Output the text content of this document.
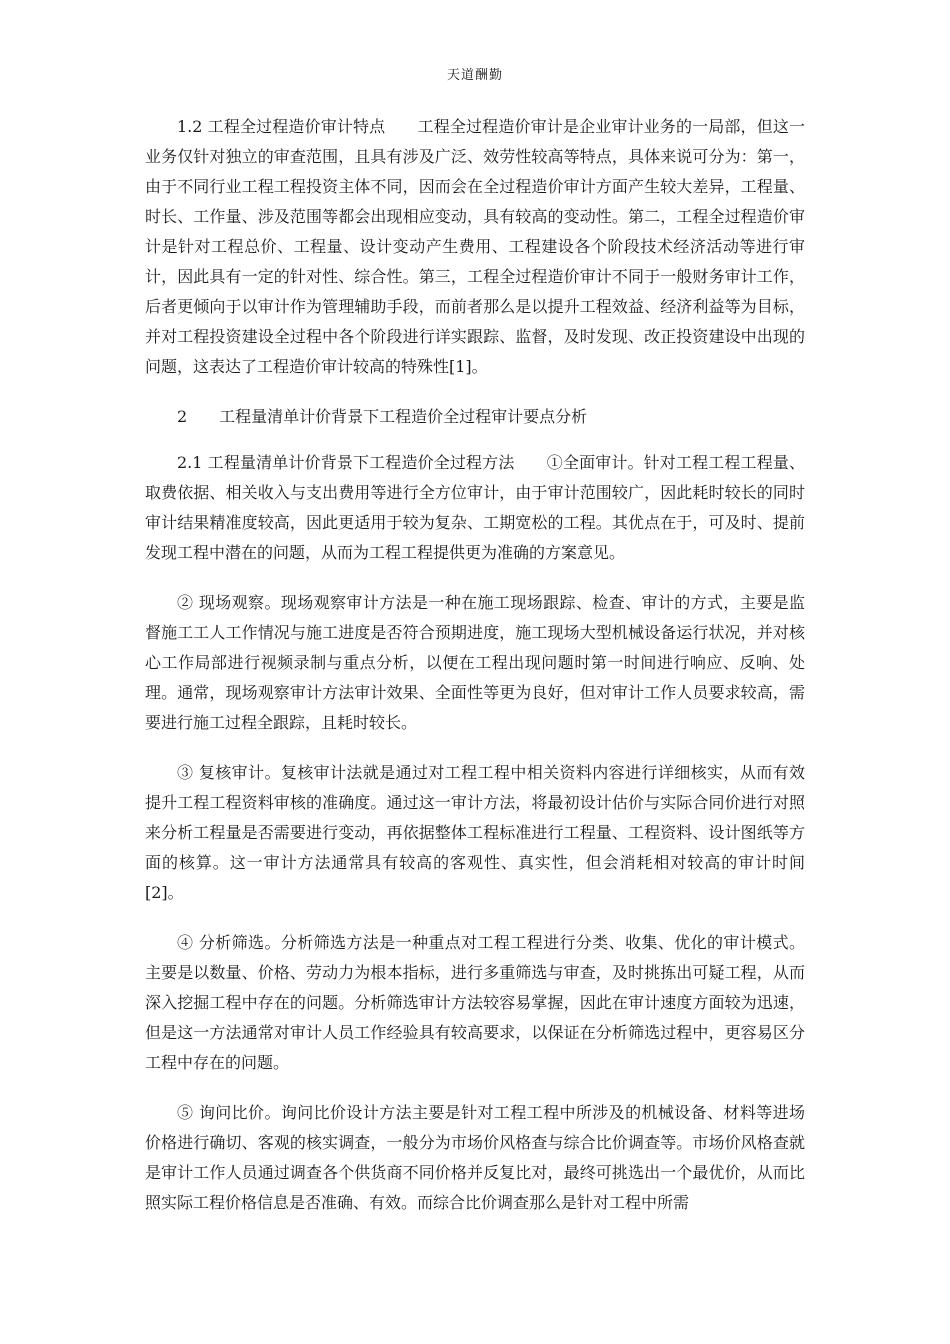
天道酬勤

1.2 工程全过程造价审计特点　　工程全过程造价审计是企业审计业务的一局部，但这一业务仅针对独立的审查范围，且具有涉及广泛、效劳性较高等特点，具体来说可分为：第一，由于不同行业工程工程投资主体不同，因而会在全过程造价审计方面产生较大差异，工程量、时长、工作量、涉及范围等都会出现相应变动，具有较高的变动性。第二，工程全过程造价审计是针对工程总价、工程量、设计变动产生费用、工程建设各个阶段技术经济活动等进行审计，因此具有一定的针对性、综合性。第三，工程全过程造价审计不同于一般财务审计工作，后者更倾向于以审计作为管理辅助手段，而前者那么是以提升工程效益、经济利益等为目标，并对工程投资建设全过程中各个阶段进行详实跟踪、监督，及时发现、改正投资建设中出现的问题，这表达了工程造价审计较高的特殊性[1]。

2　　工程量清单计价背景下工程造价全过程审计要点分析

2.1 工程量清单计价背景下工程造价全过程方法　　①全面审计。针对工程工程工程量、取费依据、相关收入与支出费用等进行全方位审计，由于审计范围较广，因此耗时较长的同时审计结果精准度较高，因此更适用于较为复杂、工期宽松的工程。其优点在于，可及时、提前发现工程中潜在的问题，从而为工程工程提供更为准确的方案意见。

② 现场观察。现场观察审计方法是一种在施工现场跟踪、检查、审计的方式，主要是监督施工工人工作情况与施工进度是否符合预期进度，施工现场大型机械设备运行状况，并对核心工作局部进行视频录制与重点分析，以便在工程出现问题时第一时间进行响应、反响、处理。通常，现场观察审计方法审计效果、全面性等更为良好，但对审计工作人员要求较高，需要进行施工过程全跟踪，且耗时较长。

③ 复核审计。复核审计法就是通过对工程工程中相关资料内容进行详细核实，从而有效提升工程工程资料审核的准确度。通过这一审计方法，将最初设计估价与实际合同价进行对照来分析工程量是否需要进行变动，再依据整体工程标准进行工程量、工程资料、设计图纸等方面的核算。这一审计方法通常具有较高的客观性、真实性，但会消耗相对较高的审计时间[2]。

④ 分析筛选。分析筛选方法是一种重点对工程工程进行分类、收集、优化的审计模式。主要是以数量、价格、劳动力为根本指标，进行多重筛选与审查，及时挑拣出可疑工程，从而深入挖掘工程中存在的问题。分析筛选审计方法较容易掌握，因此在审计速度方面较为迅速，但是这一方法通常对审计人员工作经验具有较高要求，以保证在分析筛选过程中，更容易区分工程中存在的问题。

⑤ 询问比价。询问比价设计方法主要是针对工程工程中所涉及的机械设备、材料等进场价格进行确切、客观的核实调查，一般分为市场价风格查与综合比价调查等。市场价风格查就是审计工作人员通过调查各个供货商不同价格并反复比对，最终可挑选出一个最优价，从而比照实际工程价格信息是否准确、有效。而综合比价调查那么是针对工程中所需
